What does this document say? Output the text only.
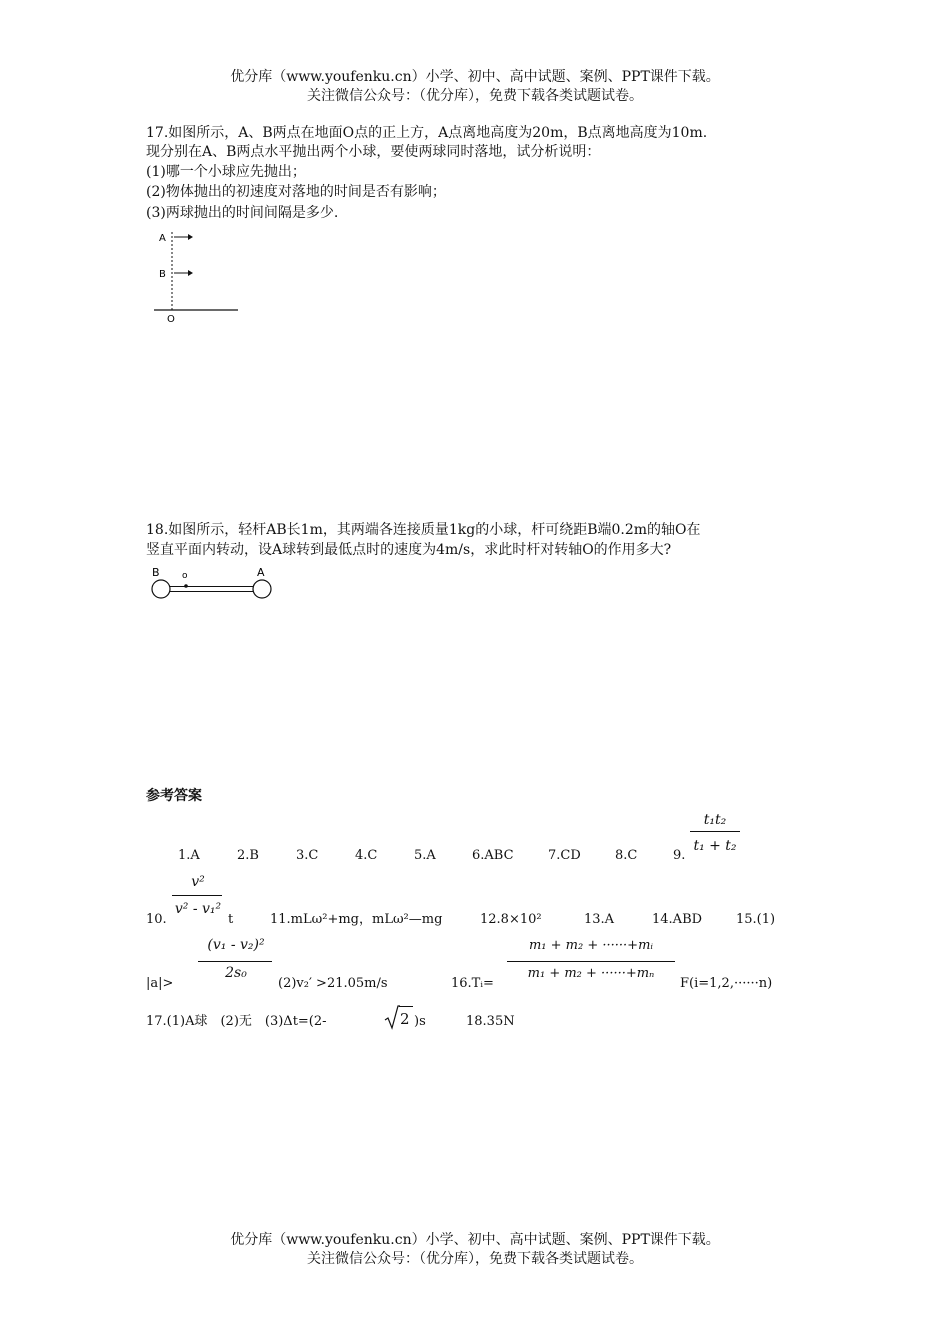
优分库（www.youfenku.cn）小学、初中、高中试题、案例、PPT课件下载。
关注微信公众号：（优分库），免费下载各类试题试卷。
17.如图所示，A、B两点在地面O点的正上方，A点离地高度为20m，B点离地高度为10m.
现分别在A、B两点水平抛出两个小球，要使两球同时落地，试分析说明：
(1)哪一个小球应先抛出；
(2)物体抛出的初速度对落地的时间是否有影响；
(3)两球抛出的时间间隔是多少.
A
B
O
18.如图所示，轻杆AB长1m，其两端各连接质量1kg的小球，杆可绕距B端0.2m的轴O在
竖直平面内转动，设A球转到最低点时的速度为4m/s，求此时杆对转轴O的作用多大?
B o	A
参考答案
1.A	2.B	3.C	4.C	5.A	6.ABC	7.CD	8.C	9.
t₁t₂
t₁ + t₂
v²
v² - v₁²
10.	t	11.mLω²+mg，mLω²—mg	12.8×10²	13.A	14.ABD	15.(1)
(v₁ - v₂)²
2s₀
|a|>	(2)v₂′ >21.05m/s	16.Tᵢ=
m₁ + m₂ + ······+mᵢ
m₁ + m₂ + ······+mₙ
F(i=1,2,······n)
17.(1)A球　(2)无　(3)Δt=(2-	2 )s	18.35N
优分库（www.youfenku.cn）小学、初中、高中试题、案例、PPT课件下载。
关注微信公众号：（优分库），免费下载各类试题试卷。
